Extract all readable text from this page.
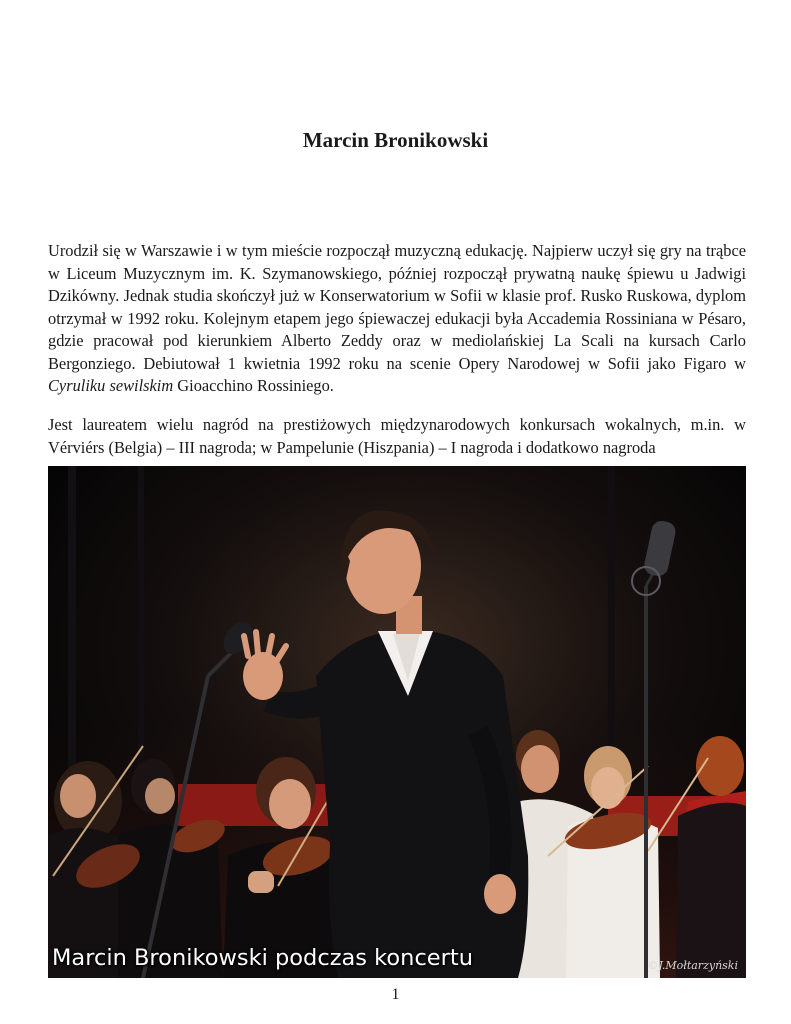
Marcin Bronikowski

Urodził się w Warszawie i w tym mieście rozpoczął muzyczną edukację. Najpierw uczył się gry na trąbce w Liceum Muzycznym im. K. Szymanowskiego, później rozpoczął prywatną naukę śpiewu u Jadwigi Dzikówny. Jednak studia skończył już w Konserwatorium w Sofii w klasie prof. Rusko Ruskowa, dyplom otrzymał w 1992 roku. Kolejnym etapem jego śpiewaczej edukacji była Accademia Rossiniana w Pésaro, gdzie pracował pod kierunkiem Alberto Zeddy oraz w mediolańskiej La Scali na kursach Carlo Bergonziego. Debiutował 1 kwietnia 1992 roku na scenie Opery Narodowej w Sofii jako Figaro w Cyruliku sewilskim Gioacchino Rossiniego.

Jest laureatem wielu nagród na prestiżowych międzynarodowych konkursach wokalnych, m.in. w Vérviérs (Belgia) – III nagroda; w Pampelunie (Hiszpania) – I nagroda i dodatkowo nagroda

Marcin Bronikowski podczas koncertu	©J.Mołtarzyński
1
